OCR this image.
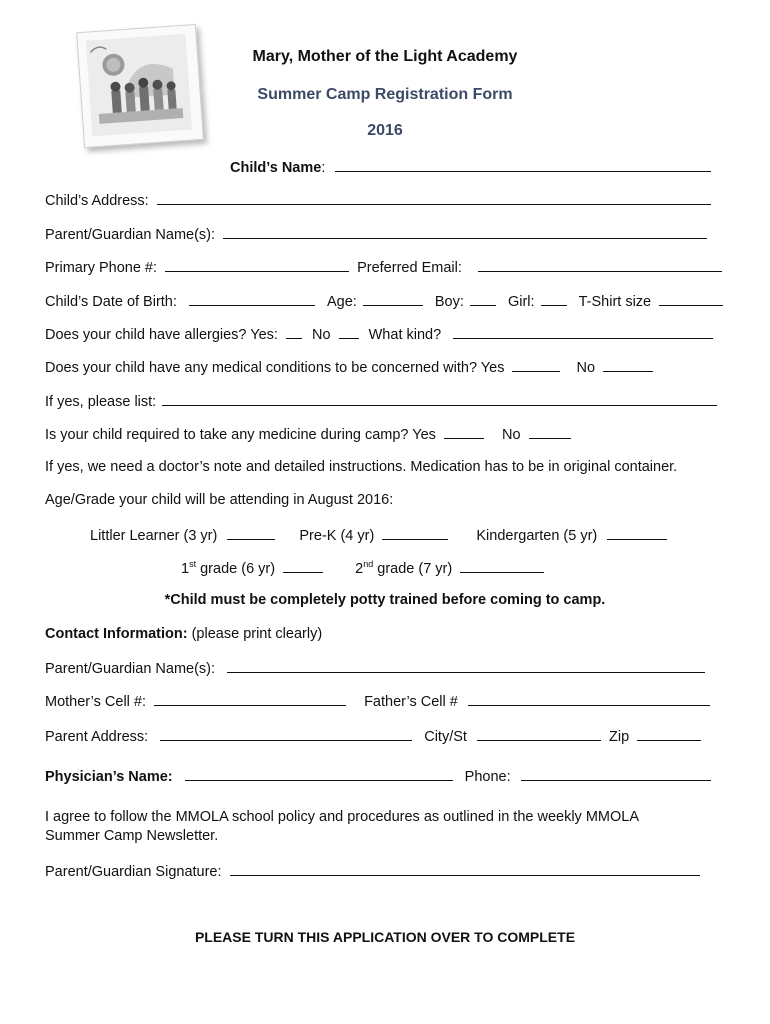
Mary, Mother of the Light Academy
Summer Camp Registration Form
2016
Child’s Name:
Child’s Address:
Parent/Guardian Name(s):
Primary Phone #:	Preferred Email:
Child’s Date of Birth:	Age:	Boy:	Girl:	T-Shirt size
Does your child have allergies? Yes: No	What kind?
Does your child have any medical conditions to be concerned with? Yes	No
If yes, please list:
Is your child required to take any medicine during camp? Yes	No
If yes, we need a doctor’s note and detailed instructions. Medication has to be in original container.
Age/Grade your child will be attending in August 2016:
Littler Learner (3 yr)	Pre-K (4 yr)	Kindergarten (5 yr)
1st grade (6 yr)	2nd grade (7 yr)
*Child must be completely potty trained before coming to camp.
Contact Information: (please print clearly)
Parent/Guardian Name(s):
Mother’s Cell #:	Father’s Cell #
Parent Address:	City/St	Zip
Physician’s Name:	Phone:
I agree to follow the MMOLA school policy and procedures as outlined in the weekly MMOLA
Summer Camp Newsletter.
Parent/Guardian Signature:
PLEASE TURN THIS APPLICATION OVER TO COMPLETE
